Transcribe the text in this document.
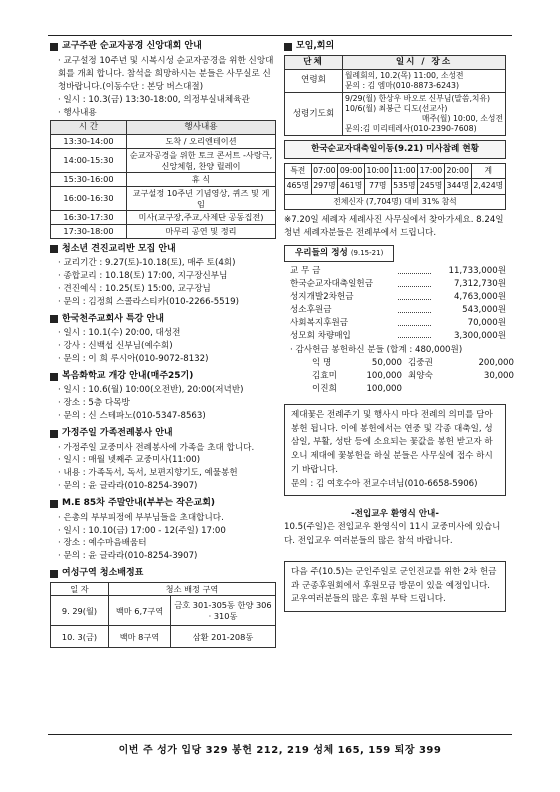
교구주관 순교자공경 신앙대회 안내
· 교구설정 10주년 및 시복시성 순교자공경을 위한 신앙대회를 개최 합니다. 참석을 희망하시는 분들은 사무실로 신청바랍니다.(이동수단 : 본당 버스대절)
· 일시 : 10.3(금) 13:30-18:00, 의정부실내체육관
· 행사내용
시 간	행사내용
13:30-14:00	도착 / 오리엔테이션
14:00-15:30	순교자공경을 위한 토크 콘서트 -사랑극, 신앙체험, 찬양 릴레이
15:30-16:00	휴 식
16:00-16:30	교구설정 10주년 기념영상, 퀴즈 및 게임
16:30-17:30	미사(교구장,주교,사제단 공동집전)
17:30-18:00	마무리 공연 및 정리
청소년 견진교리반 모집 안내
· 교리기간 : 9.27(토)-10.18(토), 매주 토(4회)
· 종합교리 : 10.18(토) 17:00, 지구장신부님
· 견진예식 : 10.25(토) 15:00, 교구장님
· 문의 : 김정희 스콜라스티카(010-2266-5519)
한국천주교회사 특강 안내
· 일시 : 10.1(수) 20:00, 대성전
· 강사 : 신백섭 신부님(예수회)
· 문의 : 이 희 루시아(010-9072-8132)
복음화학교 개강 안내(매주25기)
· 일시 : 10.6(월) 10:00(오전반), 20:00(저녁반)
· 장소 : 5층 다목방
· 문의 : 신 스테파노(010-5347-8563)
가정주일 가족전례봉사 안내
· 가정주일 교중미사 전례봉사에 가족을 초대 합니다.
· 일시 : 매월 넷째주 교중미사(11:00)
· 내용 : 가족독서, 독서, 보편지향기도, 예물봉헌
· 문의 : 윤 글라라(010-8254-3907)
M.E 85차 주말안내(부부는 작은교회)
· 은총의 부부피정에 부부님들을 초대합니다.
· 일시 : 10.10(금) 17:00 - 12(주일) 17:00
· 장소 : 예수마음배움터
· 문의 : 윤 글라라(010-8254-3907)
여성구역 청소배정표
일 자	청소 배정 구역	
9. 29(월)	백마 6,7구역	금호 301-305동 한양 306 · 310동
10. 3(금)	백마 8구역	삼환 201-208동
모임,회의
단체	일시 / 장소
연령회	월례회의, 10.2(목) 11:00, 소성전
문의 : 김 엠마(010-8873-6243)

성령기도회	9/29(월) 한상우 바오로 신부님(말씀,치유)
10/6(월) 최봉근 디도(선교사)
매주(월) 10:00, 소성전
문의:김 미리테레사(010-2390-7608)
한국순교자대축일이동(9.21) 미사참례 현황
특전	07:00	09:00	10:00	11:00	17:00	20:00	계
465명	297명	461명	77명	535명	245명	344명	2,424명
전체신자 (7,704명) 대비 31% 참석							
※7.20일 세례자 세례사진 사무실에서 찾아가세요. 8.24일 청년 세례자분들은 전례부에서 드립니다.
우리들의 정성 (9.15-21)
교 무 금	11,733,000원
한국순교자대축일헌금	7,312,730원
성지개발2차헌금	4,763,000원
성소후원금	543,000원
사회복지후원금	70,000원
성모회 차량매입	3,300,000원
· 감사헌금 봉헌하신 분들 (합계 : 480,000원)
익 명	50,000 김중권	200,000
김효미	100,000 최양숙	30,000
이진희	100,000
제대꽃은 전례주기 및 행사시 마다 전례의 의미를 담아 봉헌 됩니다. 이에 봉헌에서는 연중 및 각종 대축일, 성삼일, 부활, 성탄 등에 소요되는 꽃값을 봉헌 받고자 하오니 제대에 꽃봉헌을 하실 분들은 사무실에 접수 하시기 바랍니다.
문의 : 김 여호수아 전교수녀님(010-6658-5906)
-전입교우 환영식 안내-
10.5(주일)은 전입교우 환영식이 11시 교중미사에 있습니다. 전입교우 여러분들의 많은 참석 바랍니다.
다음 주(10.5)는 군인주일로 군인진교를 위한 2차 헌금과 군종후원회에서 후원모금 방문이 있을 예정입니다. 교우여러분들의 많은 후원 부탁 드립니다.
이번 주 성가 입당 329 봉헌 212, 219 성체 165, 159 퇴장 399
